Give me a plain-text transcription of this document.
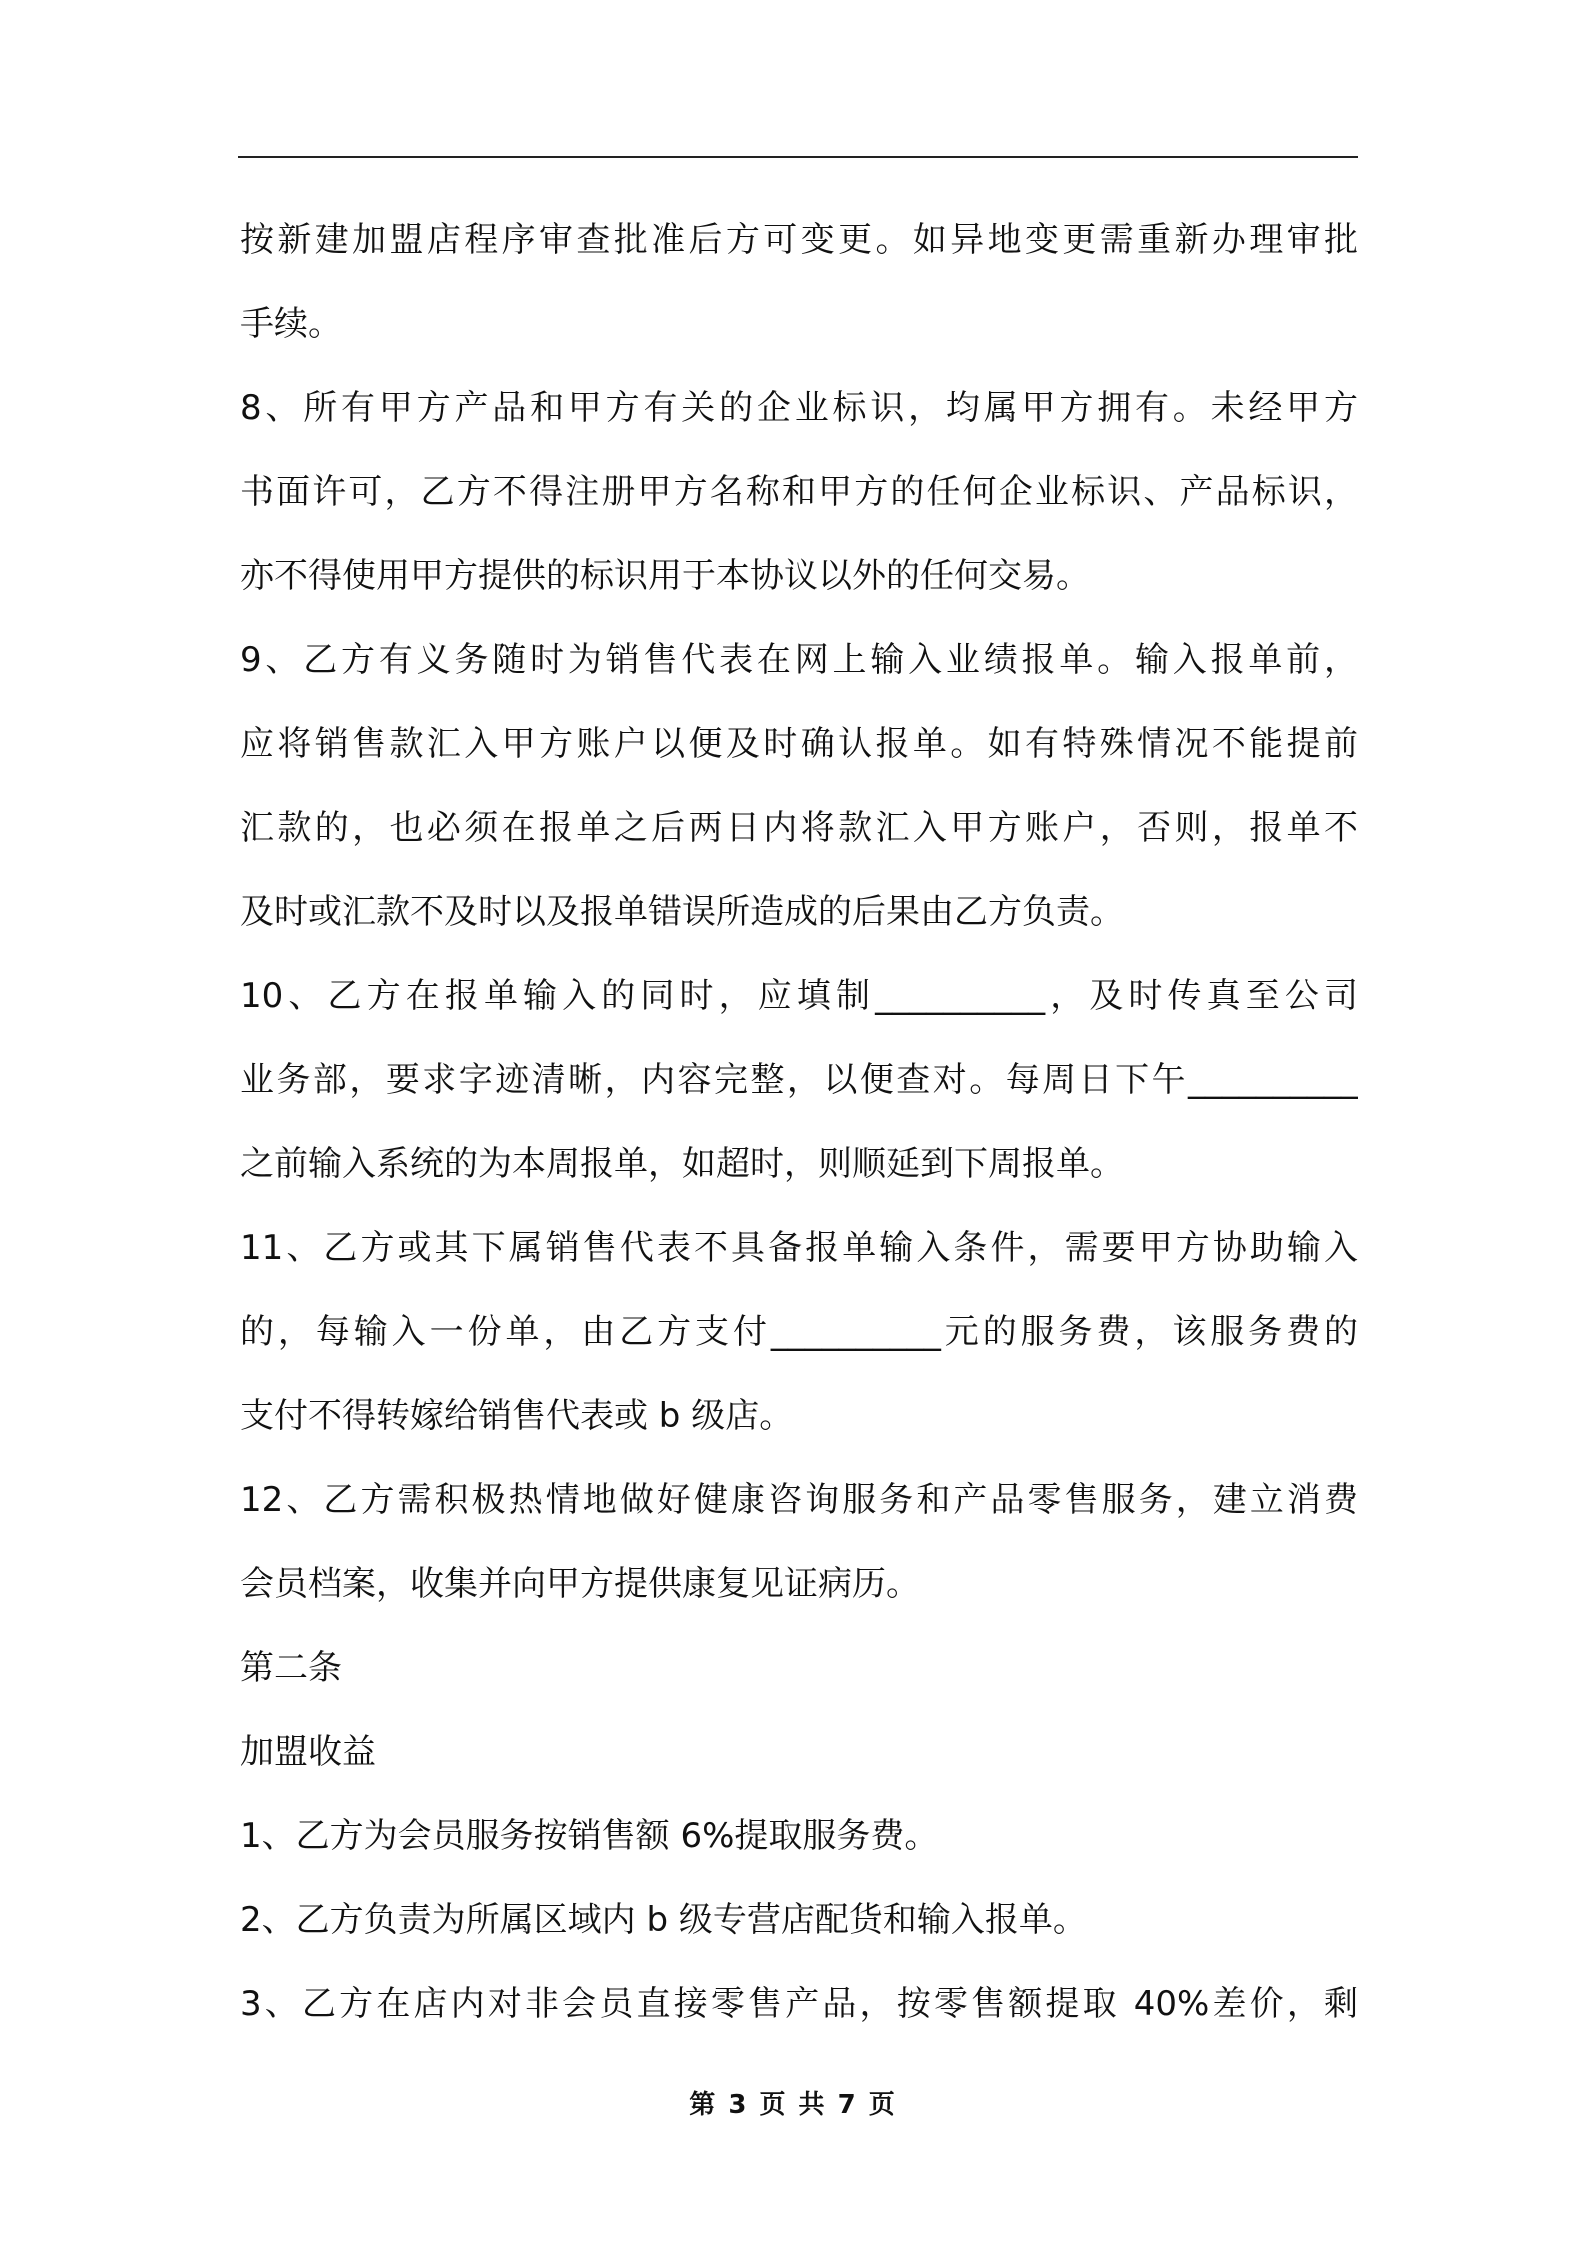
按新建加盟店程序审查批准后方可变更。如异地变更需重新办理审批
手续。
8、所有甲方产品和甲方有关的企业标识，均属甲方拥有。未经甲方
书面许可，乙方不得注册甲方名称和甲方的任何企业标识、产品标识，
亦不得使用甲方提供的标识用于本协议以外的任何交易。
9、乙方有义务随时为销售代表在网上输入业绩报单。输入报单前，
应将销售款汇入甲方账户以便及时确认报单。如有特殊情况不能提前
汇款的，也必须在报单之后两日内将款汇入甲方账户，否则，报单不
及时或汇款不及时以及报单错误所造成的后果由乙方负责。
10、乙方在报单输入的同时，应填制__________，及时传真至公司
业务部，要求字迹清晰，内容完整，以便查对。每周日下午__________
之前输入系统的为本周报单，如超时，则顺延到下周报单。
11、乙方或其下属销售代表不具备报单输入条件，需要甲方协助输入
的，每输入一份单，由乙方支付__________元的服务费，该服务费的
支付不得转嫁给销售代表或 b 级店。
12、乙方需积极热情地做好健康咨询服务和产品零售服务，建立消费
会员档案，收集并向甲方提供康复见证病历。
第二条
加盟收益
1、乙方为会员服务按销售额 6%提取服务费。
2、乙方负责为所属区域内 b 级专营店配货和输入报单。
3、乙方在店内对非会员直接零售产品，按零售额提取 40%差价，剩
第 3 页 共 7 页
